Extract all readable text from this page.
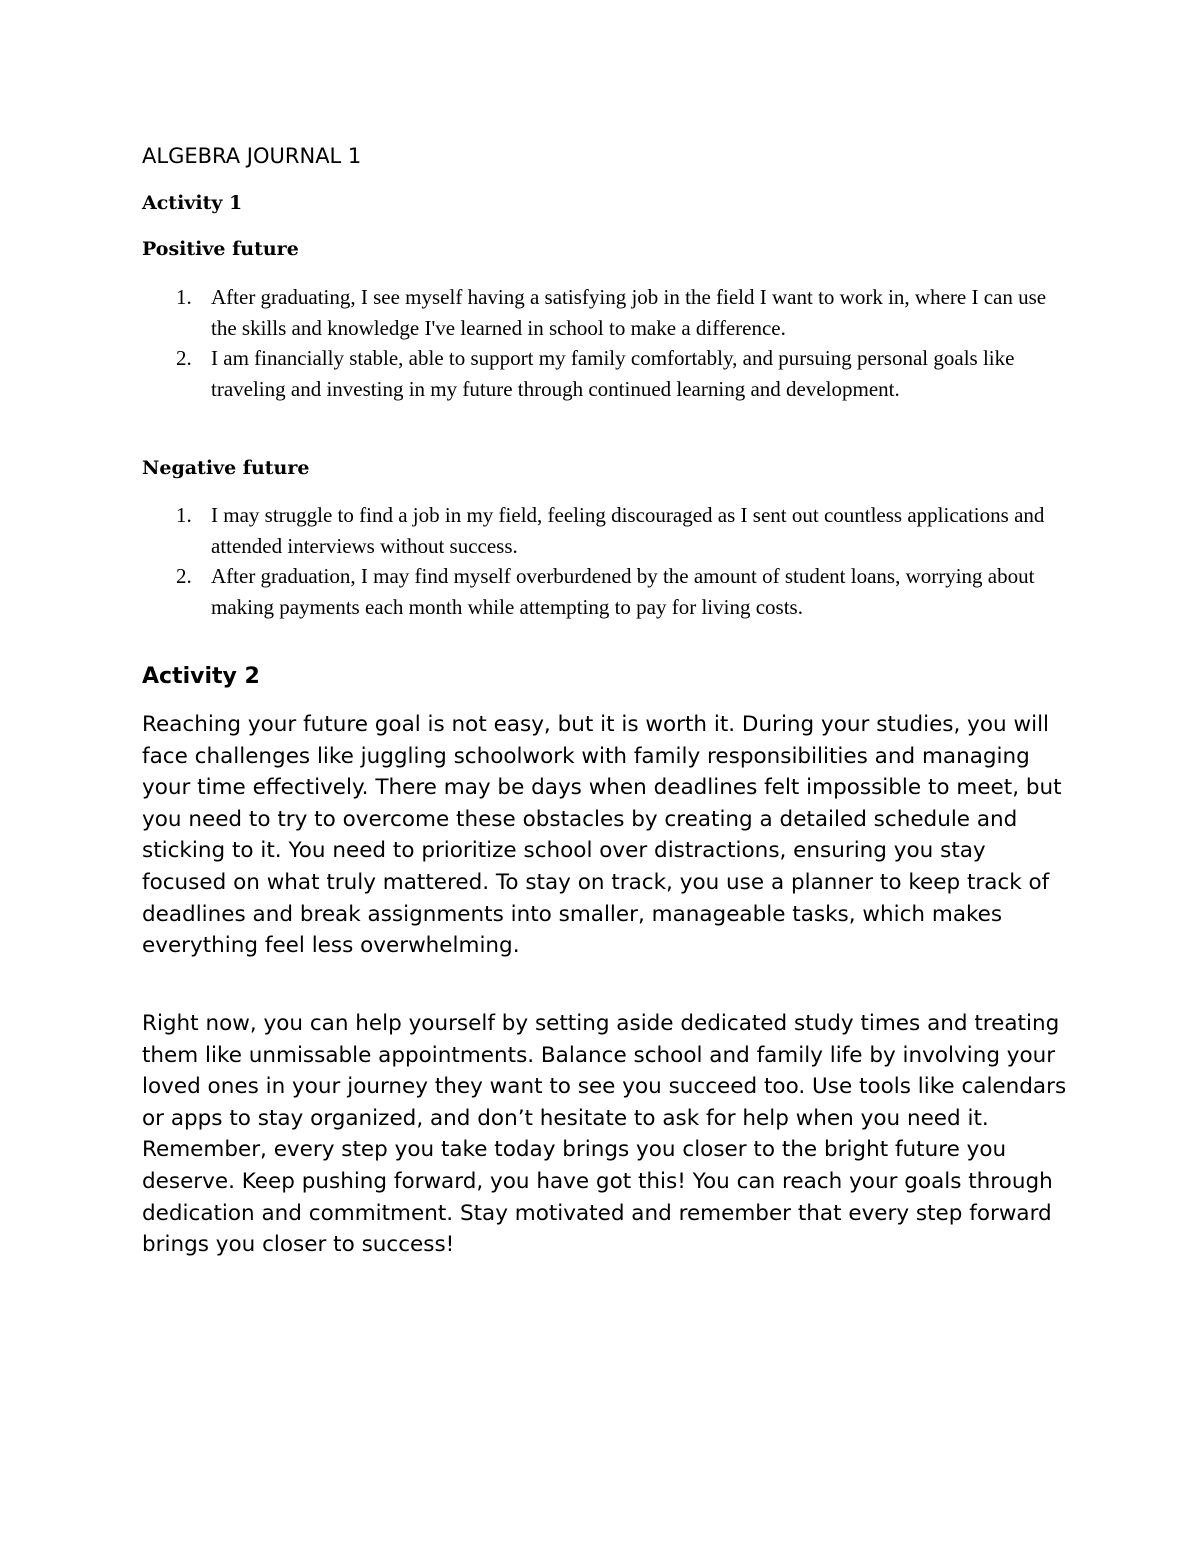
ALGEBRA JOURNAL 1
Activity 1
Positive future
1. After graduating, I see myself having a satisfying job in the field I want to work in, where I can use the skills and knowledge I've learned in school to make a difference.
2. I am financially stable, able to support my family comfortably, and pursuing personal goals like traveling and investing in my future through continued learning and development.
Negative future
1. I may struggle to find a job in my field, feeling discouraged as I sent out countless applications and attended interviews without success.
2. After graduation, I may find myself overburdened by the amount of student loans, worrying about making payments each month while attempting to pay for living costs.
Activity 2

Reaching your future goal is not easy, but it is worth it. During your studies, you will face challenges like juggling schoolwork with family responsibilities and managing your time effectively. There may be days when deadlines felt impossible to meet, but you need to try to overcome these obstacles by creating a detailed schedule and sticking to it. You need to prioritize school over distractions, ensuring you stay focused on what truly mattered. To stay on track, you use a planner to keep track of deadlines and break assignments into smaller, manageable tasks, which makes everything feel less overwhelming.

Right now, you can help yourself by setting aside dedicated study times and treating them like unmissable appointments. Balance school and family life by involving your loved ones in your journey they want to see you succeed too. Use tools like calendars or apps to stay organized, and don’t hesitate to ask for help when you need it. Remember, every step you take today brings you closer to the bright future you deserve. Keep pushing forward, you have got this! You can reach your goals through dedication and commitment. Stay motivated and remember that every step forward brings you closer to success!
